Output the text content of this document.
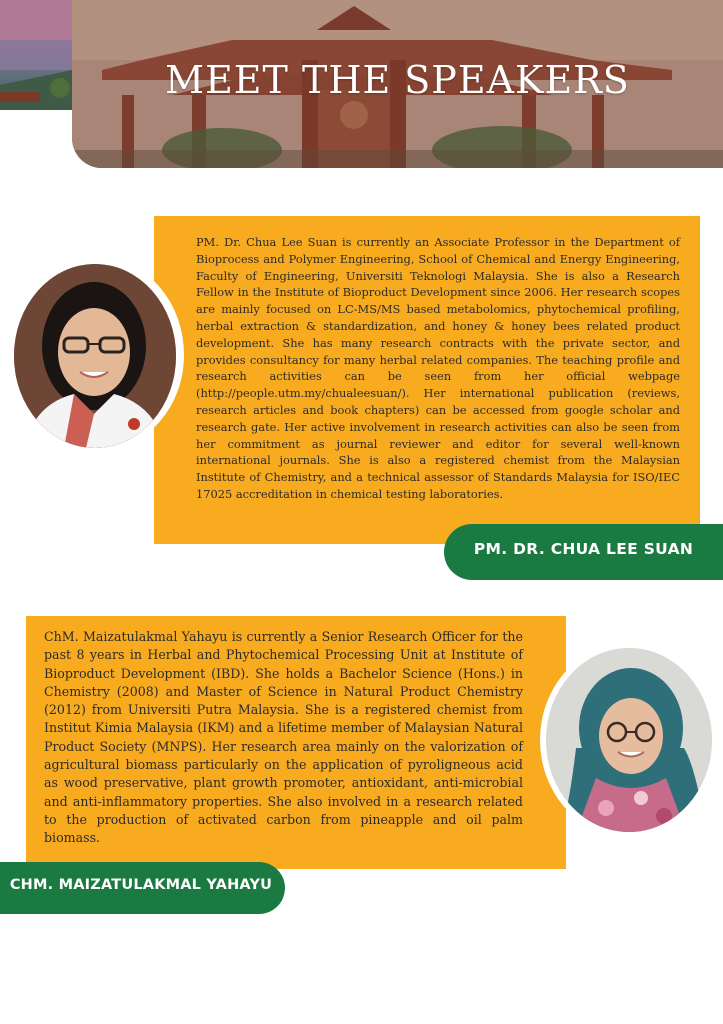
MEET THE SPEAKERS
PM. Dr. Chua Lee Suan is currently an Associate Professor in the Department of Bioprocess and Polymer Engineering, School of Chemical and Energy Engineering, Faculty of Engineering, Universiti Teknologi Malaysia. She is also a Research Fellow in the Institute of Bioproduct Development since 2006. Her research scopes are mainly focused on LC-MS/MS based metabolomics, phytochemical profiling, herbal extraction & standardization, and honey & honey bees related product development. She has many research contracts with the private sector, and provides consultancy for many herbal related companies. The teaching profile and research activities can be seen from her official webpage (http://people.utm.my/chualeesuan/). Her international publication (reviews, research articles and book chapters) can be accessed from google scholar and research gate. Her active involvement in research activities can also be seen from her commitment as journal reviewer and editor for several well-known international journals. She is also a registered chemist from the Malaysian Institute of Chemistry, and a technical assessor of Standards Malaysia for ISO/IEC 17025 accreditation in chemical testing laboratories.
PM. DR. CHUA LEE SUAN
ChM. Maizatulakmal Yahayu is currently a Senior Research Officer for the past 8 years in Herbal and Phytochemical Processing Unit at Institute of Bioproduct Development (IBD). She holds a Bachelor Science (Hons.) in Chemistry (2008) and Master of Science in Natural Product Chemistry (2012) from Universiti Putra Malaysia. She is a registered chemist from Institut Kimia Malaysia (IKM) and a lifetime member of Malaysian Natural Product Society (MNPS). Her research area mainly on the valorization of agricultural biomass particularly on the application of pyroligneous acid as wood preservative, plant growth promoter, antioxidant, anti-microbial and anti-inflammatory properties. She also involved in a research related to the production of activated carbon from pineapple and oil palm biomass.
CHM. MAIZATULAKMAL YAHAYU
